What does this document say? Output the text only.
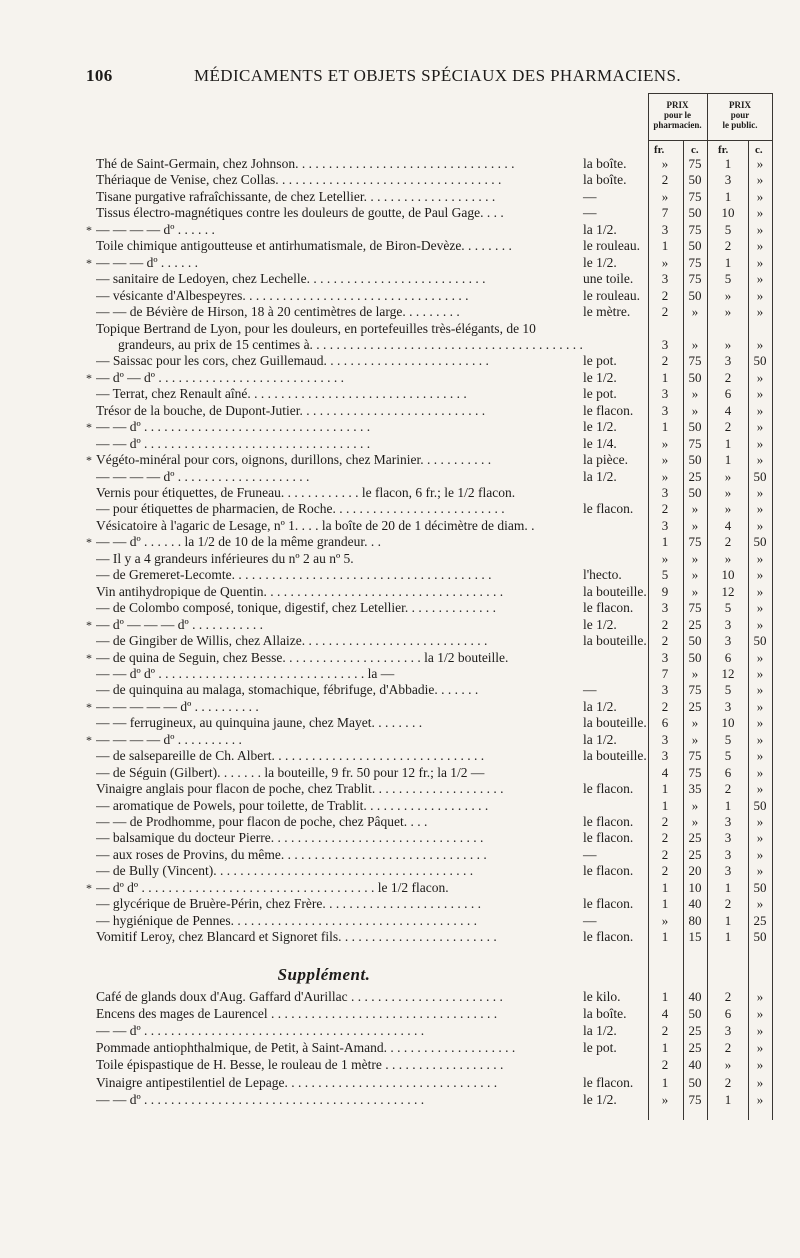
106	MÉDICAMENTS ET OBJETS SPÉCIAUX DES PHARMACIENS.
PRIX
pour le
pharmacien.
PRIX
pour
le public.
fr. c. fr. c.
Thé de Saint-Germain, chez Johnson. . . . . . . . . . . . . . . . . . . . . . . . . . . . . . . . .	la boîte.	»	75	1	»
Thériaque de Venise, chez Collas. . . . . . . . . . . . . . . . . . . . . . . . . . . . . . . . . .	la boîte.	2	50	3	»
Tisane purgative rafraîchissante, de chez Letellier. . . . . . . . . . . . . . . . . . . .	—	»	75	1	»
Tissus électro-magnétiques contre les douleurs de goutte, de Paul Gage. . . .	—	7	50	10	»
* — — — — dº . . . . . .	la 1/2.	3	75	5	»
Toile chimique antigoutteuse et antirhumatismale, de Biron-Devèze. . . . . . . .	le rouleau.	1	50	2	»
* — — — dº . . . . . .	le 1/2.	»	75	1	»
— sanitaire de Ledoyen, chez Lechelle. . . . . . . . . . . . . . . . . . . . . . . . . . .	une toile.	3	75	5	»
— vésicante d'Albespeyres. . . . . . . . . . . . . . . . . . . . . . . . . . . . . . . . . .	le rouleau.	2	50	»	»
— — de Bévière de Hirson, 18 à 20 centimètres de large. . . . . . . . .	le mètre.	2	»	»	»
Topique Bertrand de Lyon, pour les douleurs, en portefeuilles très-élégants, de 10
grandeurs, au prix de 15 centimes à. . . . . . . . . . . . . . . . . . . . . . . . . . . . . . . . . . . . . . . . .	3	»	»	»
— Saissac pour les cors, chez Guillemaud. . . . . . . . . . . . . . . . . . . . . . . . .	le pot.	2	75	3	50
* — dº — dº . . . . . . . . . . . . . . . . . . . . . . . . . . . .	le 1/2.	1	50	2	»
— Terrat, chez Renault aîné. . . . . . . . . . . . . . . . . . . . . . . . . . . . . . . . .	le pot.	3	»	6	»
Trésor de la bouche, de Dupont-Jutier. . . . . . . . . . . . . . . . . . . . . . . . . . . .	le flacon.	3	»	4	»
* — — dº . . . . . . . . . . . . . . . . . . . . . . . . . . . . . . . . . .	le 1/2.	1	50	2	»
— — dº . . . . . . . . . . . . . . . . . . . . . . . . . . . . . . . . . .	le 1/4.	»	75	1	»
* Végéto-minéral pour cors, oignons, durillons, chez Marinier. . . . . . . . . . .	la pièce.	»	50	1	»
— — — — dº . . . . . . . . . . . . . . . . . . . .	la 1/2.	»	25	»	50
Vernis pour étiquettes, de Fruneau. . . . . . . . . . . . le flacon, 6 fr.; le 1/2 flacon.	3	50	»	»
— pour étiquettes de pharmacien, de Roche. . . . . . . . . . . . . . . . . . . . . . . . . .	le flacon.	2	»	»	»
Vésicatoire à l'agaric de Lesage, nº 1. . . . la boîte de 20 de 1 décimètre de diam. .	3	»	4	»
* — — dº . . . . . . la 1/2 de 10 de la même grandeur. . .	1	75	2	50
— Il y a 4 grandeurs inférieures du nº 2 au nº 5.	»	»	»	»
— de Gremeret-Lecomte. . . . . . . . . . . . . . . . . . . . . . . . . . . . . . . . . . . . . . .	l'hecto.	5	»	10	»
Vin antihydropique de Quentin. . . . . . . . . . . . . . . . . . . . . . . . . . . . . . . . . . . .	la bouteille.	9	»	12	»
— de Colombo composé, tonique, digestif, chez Letellier. . . . . . . . . . . . . .	le flacon.	3	75	5	»
* — dº — — — dº . . . . . . . . . . .	le 1/2.	2	25	3	»
— de Gingiber de Willis, chez Allaize. . . . . . . . . . . . . . . . . . . . . . . . . . . .	la bouteille.	2	50	3	50
* — de quina de Seguin, chez Besse. . . . . . . . . . . . . . . . . . . . . la 1/2 bouteille.	3	50	6	»
— — dº dº . . . . . . . . . . . . . . . . . . . . . . . . . . . . . . . la —	7	»	12	»
— de quinquina au malaga, stomachique, fébrifuge, d'Abbadie. . . . . . .	—	3	75	5	»
* — — — — — dº . . . . . . . . . .	la 1/2.	2	25	3	»
— — ferrugineux, au quinquina jaune, chez Mayet. . . . . . . .	la bouteille.	6	»	10	»
* — — — — dº . . . . . . . . . .	la 1/2.	3	»	5	»
— de salsepareille de Ch. Albert. . . . . . . . . . . . . . . . . . . . . . . . . . . . . . . .	la bouteille.	3	75	5	»
— de Séguin (Gilbert). . . . . . . la bouteille, 9 fr. 50 pour 12 fr.; la 1/2 —	4	75	6	»
Vinaigre anglais pour flacon de poche, chez Trablit. . . . . . . . . . . . . . . . . . . .	le flacon.	1	35	2	»
— aromatique de Powels, pour toilette, de Trablit. . . . . . . . . . . . . . . . . . .	1	»	1	50
— — de Prodhomme, pour flacon de poche, chez Pâquet. . . .	le flacon.	2	»	3	»
— balsamique du docteur Pierre. . . . . . . . . . . . . . . . . . . . . . . . . . . . . . . .	le flacon.	2	25	3	»
— aux roses de Provins, du même. . . . . . . . . . . . . . . . . . . . . . . . . . . . . . .	—	2	25	3	»
— de Bully (Vincent). . . . . . . . . . . . . . . . . . . . . . . . . . . . . . . . . . . . . . .	le flacon.	2	20	3	»
* — dº dº . . . . . . . . . . . . . . . . . . . . . . . . . . . . . . . . . . . le 1/2 flacon.	1	10	1	50
— glycérique de Bruère-Périn, chez Frère. . . . . . . . . . . . . . . . . . . . . . . .	le flacon.	1	40	2	»
— hygiénique de Pennes. . . . . . . . . . . . . . . . . . . . . . . . . . . . . . . . . . . . .	—	»	80	1	25
Vomitif Leroy, chez Blancard et Signoret fils. . . . . . . . . . . . . . . . . . . . . . . .	le flacon.	1	15	1	50
Supplément.
Café de glands doux d'Aug. Gaffard d'Aurillac . . . . . . . . . . . . . . . . . . . . . . .	le kilo.	1	40	2	»
Encens des mages de Laurencel . . . . . . . . . . . . . . . . . . . . . . . . . . . . . . . . . .	la boîte.	4	50	6	»
— — dº . . . . . . . . . . . . . . . . . . . . . . . . . . . . . . . . . . . . . . . . . .	la 1/2.	2	25	3	»
Pommade antiophthalmique, de Petit, à Saint-Amand. . . . . . . . . . . . . . . . . . . .	le pot.	1	25	2	»
Toile épispastique de H. Besse, le rouleau de 1 mètre . . . . . . . . . . . . . . . . . .	2	40	»	»
Vinaigre antipestilentiel de Lepage. . . . . . . . . . . . . . . . . . . . . . . . . . . . . . . .	le flacon.	1	50	2	»
— — dº . . . . . . . . . . . . . . . . . . . . . . . . . . . . . . . . . . . . . . . . . .	le 1/2.	»	75	1	»
